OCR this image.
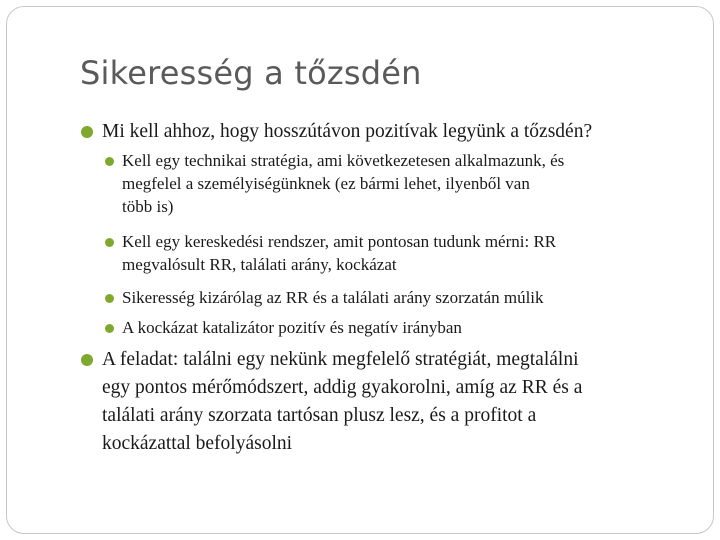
Sikeresség a tőzsdén
Mi kell ahhoz, hogy hosszútávon pozitívak legyünk a tőzsdén?
Kell egy technikai stratégia, ami következetesen alkalmazunk, és
megfelel a személyiségünknek (ez bármi lehet, ilyenből van
több is)
Kell egy kereskedési rendszer, amit pontosan tudunk mérni: RR
megvalósult RR, találati arány, kockázat
Sikeresség kizárólag az RR és a találati arány szorzatán múlik
A kockázat katalizátor pozitív és negatív irányban
A feladat: találni egy nekünk megfelelő stratégiát, megtalálni
egy pontos mérőmódszert, addig gyakorolni, amíg az RR és a
találati arány szorzata tartósan plusz lesz, és a profitot a
kockázattal befolyásolni
